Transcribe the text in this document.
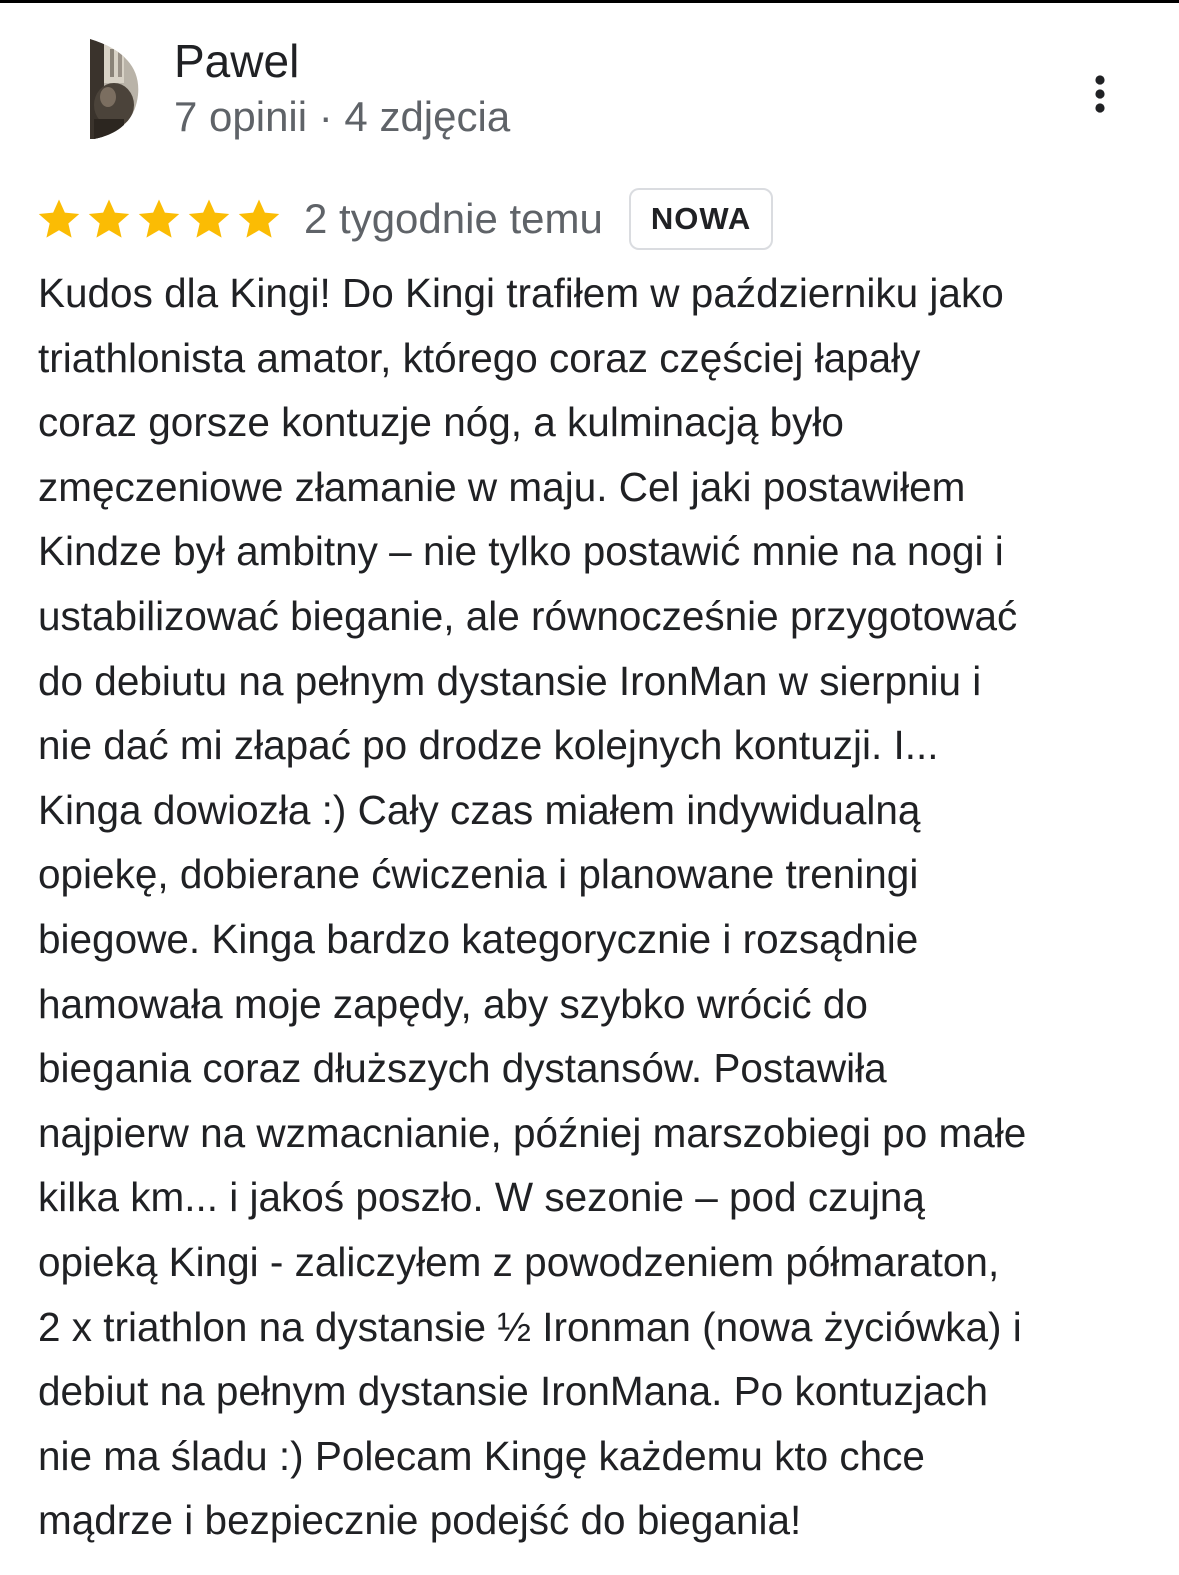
Pawel
7 opinii · 4 zdjęcia
2 tygodnie temu	NOWA

Kudos dla Kingi! Do Kingi trafiłem w październiku jako
triathlonista amator, którego coraz częściej łapały
coraz gorsze kontuzje nóg, a kulminacją było
zmęczeniowe złamanie w maju. Cel jaki postawiłem
Kindze był ambitny – nie tylko postawić mnie na nogi i
ustabilizować bieganie, ale równocześnie przygotować
do debiutu na pełnym dystansie IronMan w sierpniu i
nie dać mi złapać po drodze kolejnych kontuzji. I...
Kinga dowiozła :) Cały czas miałem indywidualną
opiekę, dobierane ćwiczenia i planowane treningi
biegowe. Kinga bardzo kategorycznie i rozsądnie
hamowała moje zapędy, aby szybko wrócić do
biegania coraz dłuższych dystansów. Postawiła
najpierw na wzmacnianie, później marszobiegi po małe
kilka km... i jakoś poszło. W sezonie – pod czujną
opieką Kingi - zaliczyłem z powodzeniem półmaraton,
2 x triathlon na dystansie ½ Ironman (nowa życiówka) i
debiut na pełnym dystansie IronMana. Po kontuzjach
nie ma śladu :) Polecam Kingę każdemu kto chce
mądrze i bezpiecznie podejść do biegania!
